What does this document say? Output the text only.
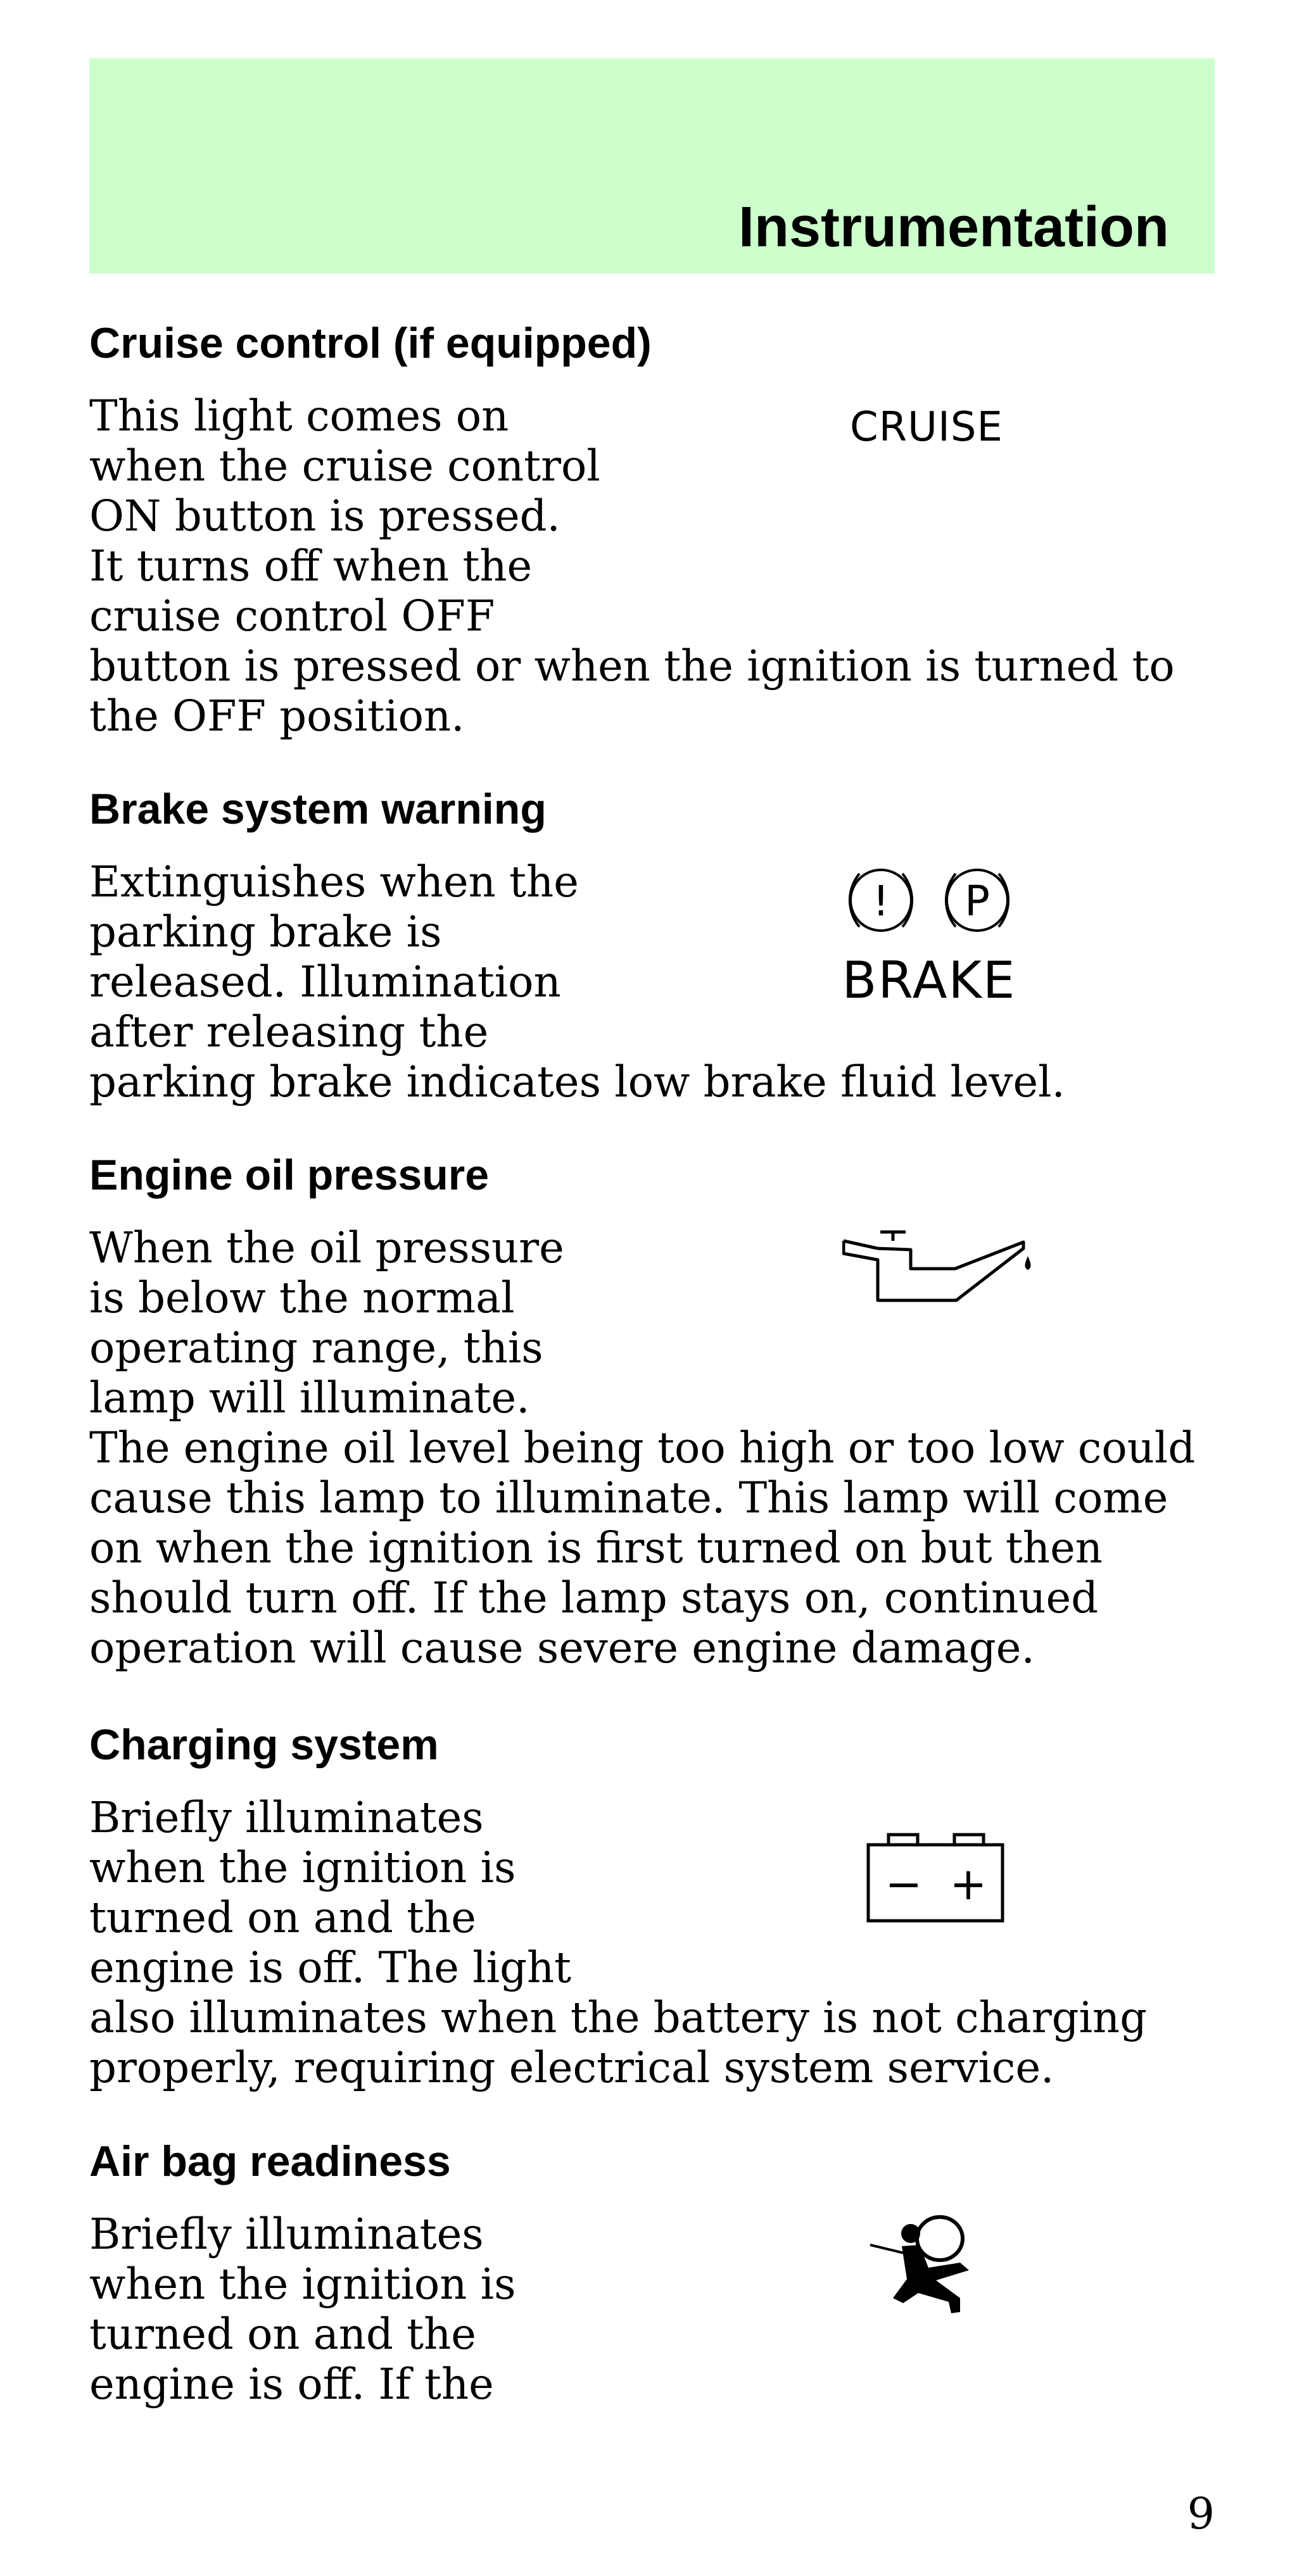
Instrumentation
Cruise control (if equipped)
This light comes on
when the cruise control
ON button is pressed.
It turns off when the
cruise control OFF
button is pressed or when the ignition is turned to
the OFF position.
CRUISE
Brake system warning
Extinguishes when the
parking brake is
released. Illumination
after releasing the
parking brake indicates low brake fluid level.
! P
BRAKE
Engine oil pressure
When the oil pressure
is below the normal
operating range, this
lamp will illuminate.
The engine oil level being too high or too low could
cause this lamp to illuminate. This lamp will come
on when the ignition is first turned on but then
should turn off. If the lamp stays on, continued
operation will cause severe engine damage.
Charging system
Briefly illuminates
when the ignition is
turned on and the
engine is off. The light
also illuminates when the battery is not charging
properly, requiring electrical system service.
− +
Air bag readiness
Briefly illuminates
when the ignition is
turned on and the
engine is off. If the
9
